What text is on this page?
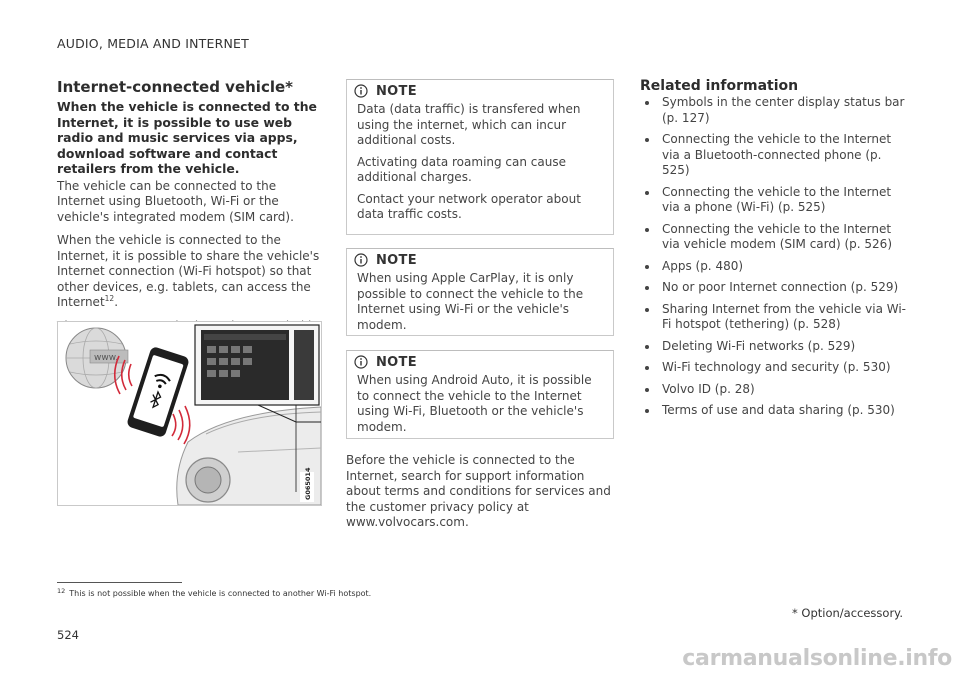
AUDIO, MEDIA AND INTERNET
Internet-connected vehicle*
When the vehicle is connected to the Internet, it is possible to use web radio and music services via apps, download software and contact retailers from the vehicle.

The vehicle can be connected to the Internet using Bluetooth, Wi-Fi or the vehicle's integrated modem (SIM card).

When the vehicle is connected to the Internet, it is possible to share the vehicle's Internet connection (Wi-Fi hotspot) so that other devices, e.g. tablets, can access the Internet$^{12}$.

www.
G065014
NOTE

Data (data traffic) is transfered when using the internet, which can incur additional costs.

Activating data roaming can cause additional charges.

Contact your network operator about data traffic costs.

NOTE

When using Apple CarPlay, it is only possible to connect the vehicle to the Internet using Wi-Fi or the vehicle's modem.

NOTE

When using Android Auto, it is possible to connect the vehicle to the Internet using Wi-Fi, Bluetooth or the vehicle's modem.

Before the vehicle is connected to the Internet, search for support information about terms and conditions for services and the customer privacy policy at www.volvocars.com.

Related information
Symbols in the center display status bar (p. 127)
Connecting the vehicle to the Internet via a Bluetooth-connected phone (p. 525)
Connecting the vehicle to the Internet via a phone (Wi-Fi) (p. 525)
Connecting the vehicle to the Internet via vehicle modem (SIM card) (p. 526)
Apps (p. 480)
No or poor Internet connection (p. 529)
Sharing Internet from the vehicle via Wi-Fi hotspot (tethering) (p. 528)
Deleting Wi-Fi networks (p. 529)
Wi-Fi technology and security (p. 530)
Volvo ID (p. 28)
Terms of use and data sharing (p. 530)
$^{12}$ This is not possible when the vehicle is connected to another Wi-Fi hotspot.
* Option/accessory.
524
carmanualsonline.info
